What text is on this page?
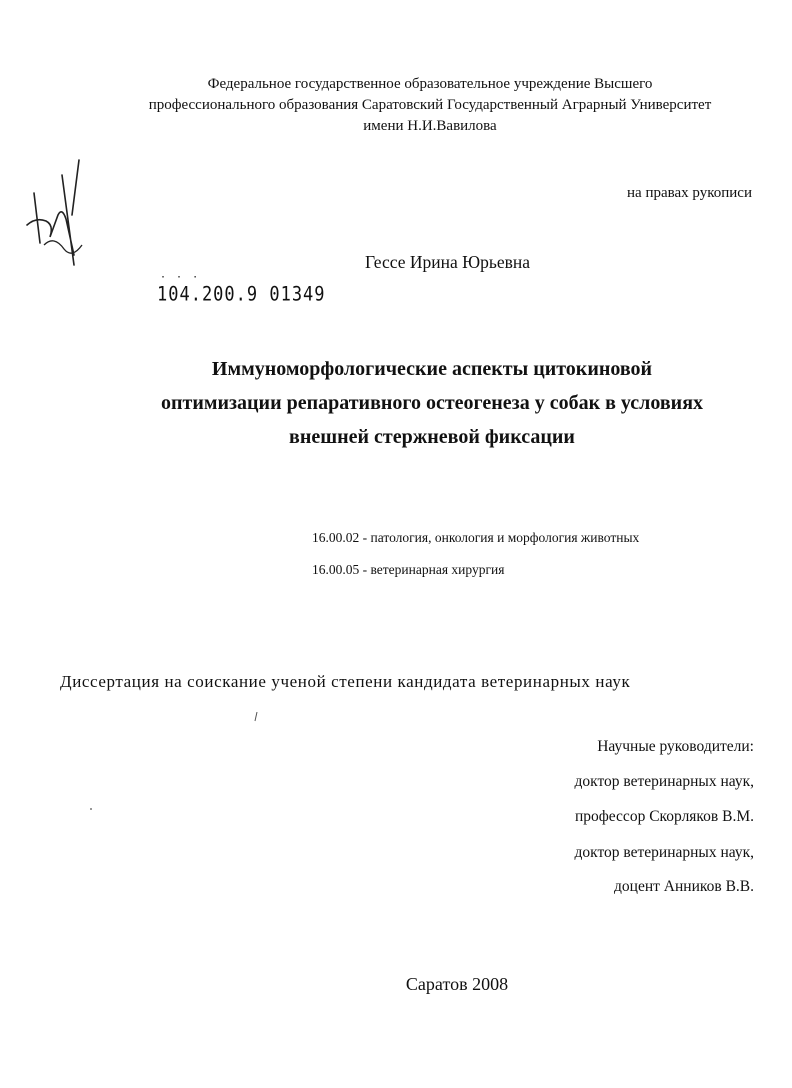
Федеральное государственное образовательное учреждение Высшего
профессионального образования Саратовский Государственный Аграрный Университет
имени Н.И.Вавилова
на правах рукописи
Гессе Ирина Юрьевна
· · ·
104.200.9 01349
Иммуноморфологические аспекты цитокиновой
оптимизации репаративного остеогенеза у собак в условиях
внешней стержневой фиксации
16.00.02 - патология, онкология и морфология животных
16.00.05 - ветеринарная хирургия
Диссертация на соискание ученой степени кандидата ветеринарных наук
Научные руководители:
доктор ветеринарных наук,
профессор Скорляков В.М.
доктор ветеринарных наук,
доцент Анников В.В.
Саратов 2008
